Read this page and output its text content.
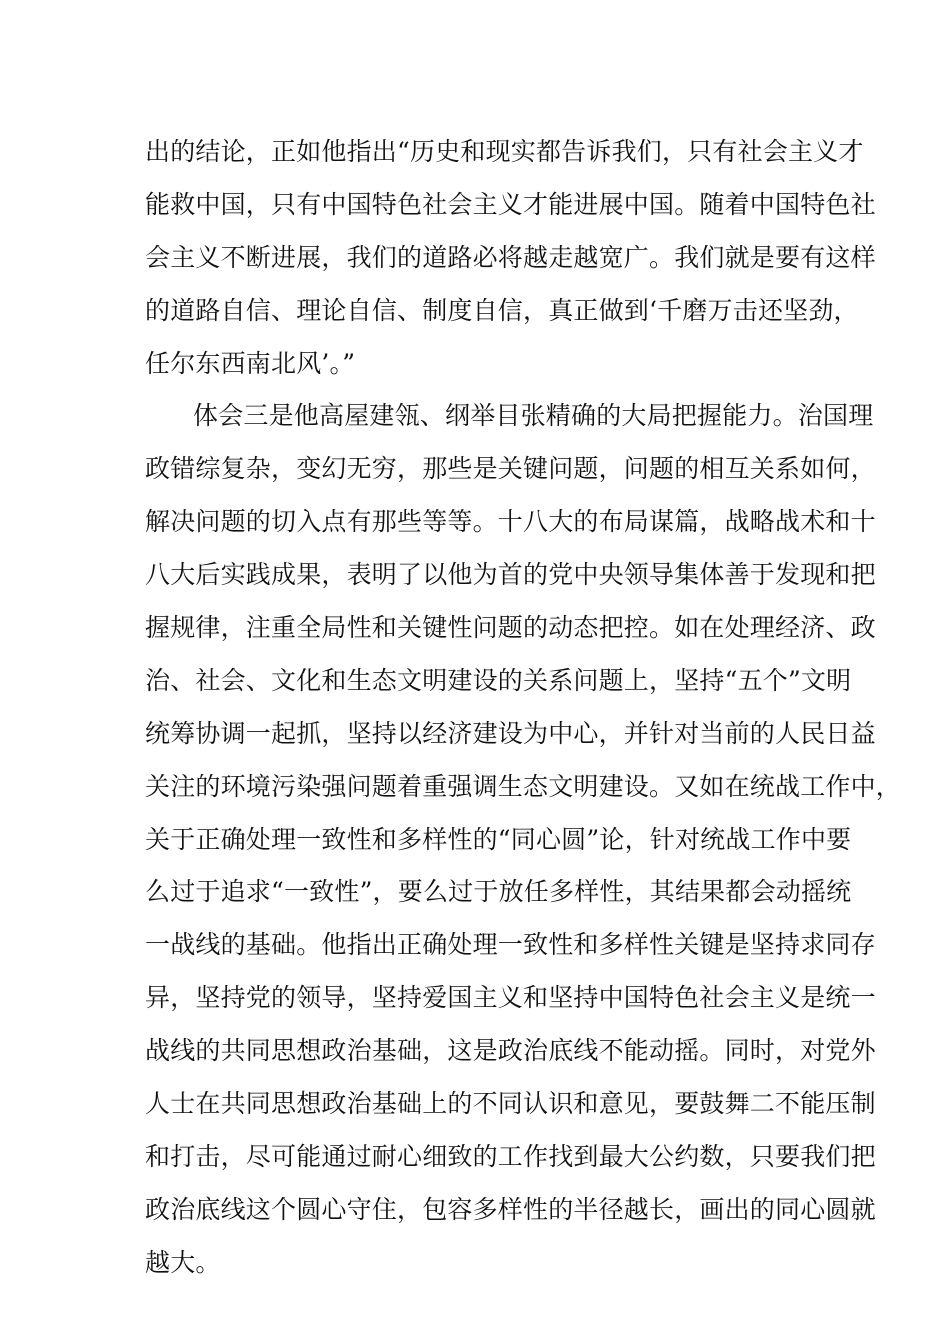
出的结论，正如他指出“历史和现实都告诉我们，只有社会主义才
能救中国，只有中国特色社会主义才能进展中国。随着中国特色社
会主义不断进展，我们的道路必将越走越宽广。我们就是要有这样
的道路自信、理论自信、制度自信，真正做到‘千磨万击还坚劲，
任尔东西南北风’。”
体会三是他高屋建瓴、纲举目张精确的大局把握能力。治国理
政错综复杂，变幻无穷，那些是关键问题，问题的相互关系如何，
解决问题的切入点有那些等等。十八大的布局谋篇，战略战术和十
八大后实践成果，表明了以他为首的党中央领导集体善于发现和把
握规律，注重全局性和关键性问题的动态把控。如在处理经济、政
治、社会、文化和生态文明建设的关系问题上，坚持“五个”文明
统筹协调一起抓，坚持以经济建设为中心，并针对当前的人民日益
关注的环境污染强问题着重强调生态文明建设。又如在统战工作中，
关于正确处理一致性和多样性的“同心圆”论，针对统战工作中要
么过于追求“一致性”，要么过于放任多样性，其结果都会动摇统
一战线的基础。他指出正确处理一致性和多样性关键是坚持求同存
异，坚持党的领导，坚持爱国主义和坚持中国特色社会主义是统一
战线的共同思想政治基础，这是政治底线不能动摇。同时，对党外
人士在共同思想政治基础上的不同认识和意见，要鼓舞二不能压制
和打击，尽可能通过耐心细致的工作找到最大公约数，只要我们把
政治底线这个圆心守住，包容多样性的半径越长，画出的同心圆就
越大。
